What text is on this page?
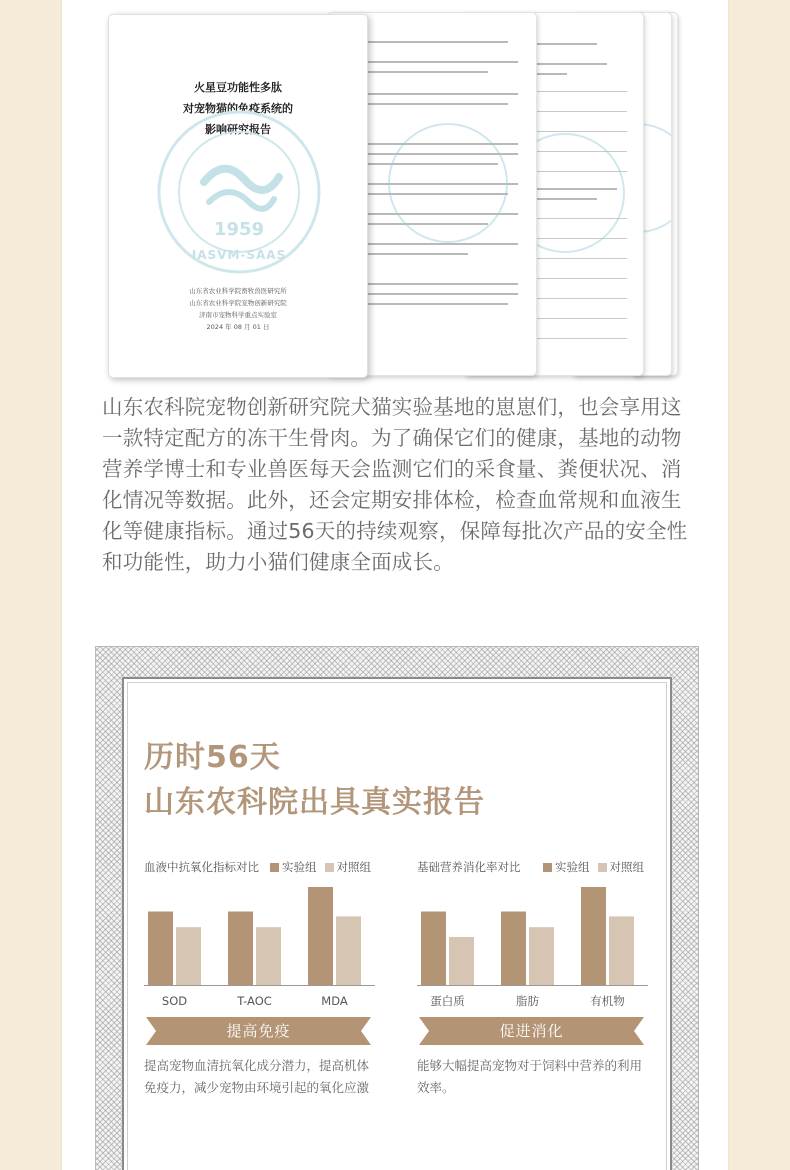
火星豆功能性多肽
对宠物猫的免疫系统的
影响研究报告
1959
IASVM-SAAS
山东省农业科学院畜牧兽医研究所
山东省农业科学院宠物创新研究院
济南市宠物科学重点实验室
2024 年 08 月 01 日

山东农科院宠物创新研究院犬猫实验基地的崽崽们，也会享用这一款特定配方的冻干生骨肉。为了确保它们的健康，基地的动物营养学博士和专业兽医每天会监测它们的采食量、粪便状况、消化情况等数据。此外，还会定期安排体检，检查血常规和血液生化等健康指标。通过56天的持续观察，保障每批次产品的安全性和功能性，助力小猫们健康全面成长。

历时56天
山东农科院出具真实报告
血液中抗氧化指标对比 实验组 对照组
SOD	T-AOC	MDA
基础营养消化率对比	实验组 对照组
蛋白质	脂肪	有机物
提高免疫	促进消化

提高宠物血清抗氧化成分潜力，提高机体免疫力，减少宠物由环境引起的氧化应激

能够大幅提高宠物对于饲料中营养的利用效率。
